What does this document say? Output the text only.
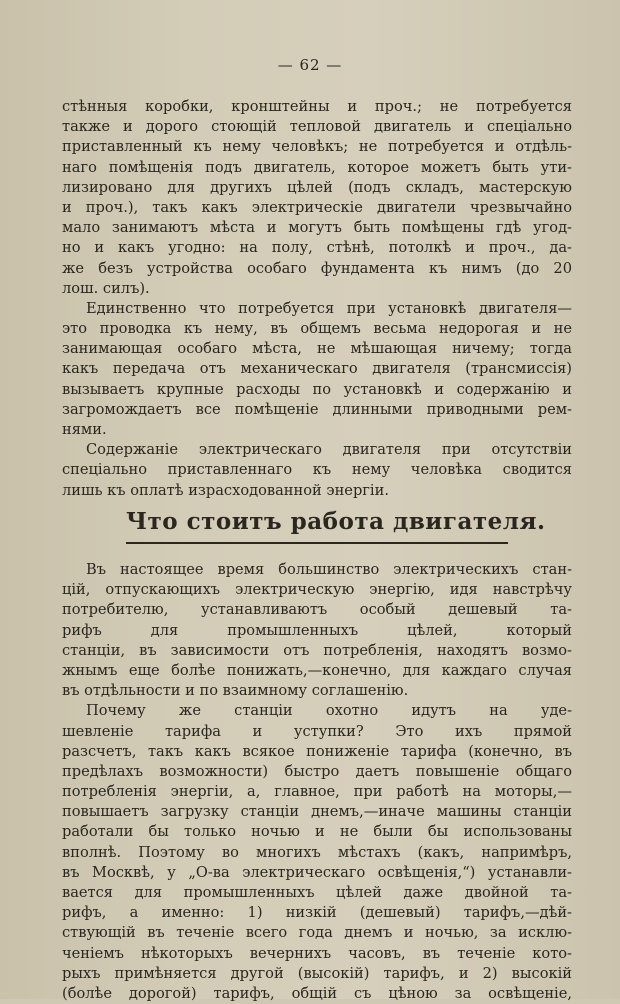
— 62 —
стѣнныя коробки, кронштейны и проч.; не потребуется
также и дорого стоющій тепловой двигатель и спеціально
приставленный къ нему человѣкъ; не потребуется и отдѣль-
наго помѣщенія подъ двигатель, которое можетъ быть ути-
лизировано для другихъ цѣлей (подъ складъ, мастерскую
и проч.), такъ какъ электрическіе двигатели чрезвычайно
мало занимаютъ мѣста и могутъ быть помѣщены гдѣ угод-
но и какъ угодно: на полу, стѣнѣ, потолкѣ и проч., да-
же безъ устройства особаго фундамента къ нимъ (до 20
лош. силъ).
Единственно что потребуется при установкѣ двигателя—
это проводка къ нему, въ общемъ весьма недорогая и не
занимающая особаго мѣста, не мѣшающая ничему; тогда
какъ передача отъ механическаго двигателя (трансмиссія)
вызываетъ крупные расходы по установкѣ и содержанію и
загромождаетъ все помѣщеніе длинными приводными рем-
нями.
Содержаніе электрическаго двигателя при отсутствіи
спеціально приставленнаго къ нему человѣка сводится
лишь къ оплатѣ израсходованной энергіи.
Что стоитъ работа двигателя.
Въ настоящее время большинство электрическихъ стан-
цій, отпускающихъ электрическую энергію, идя навстрѣчу
потребителю, устанавливаютъ особый дешевый та-
рифъ для промышленныхъ цѣлей, который
станціи, въ зависимости отъ потребленія, находятъ возмо-
жнымъ еще болѣе понижать,—конечно, для каждаго случая
въ отдѣльности и по взаимному соглашенію.
Почему же станціи охотно идутъ на уде-
шевленіе тарифа и уступки? Это ихъ прямой
разсчетъ, такъ какъ всякое пониженіе тарифа (конечно, въ
предѣлахъ возможности) быстро даетъ повышеніе общаго
потребленія энергіи, а, главное, при работѣ на моторы,—
повышаетъ загрузку станціи днемъ,—иначе машины станціи
работали бы только ночью и не были бы использованы
вполнѣ. Поэтому во многихъ мѣстахъ (какъ, напримѣръ,
въ Москвѣ, у „О-ва электрическаго освѣщенія,“) устанавли-
вается для промышленныхъ цѣлей даже двойной та-
рифъ, а именно: 1) низкій (дешевый) тарифъ,—дѣй-
ствующій въ теченіе всего года днемъ и ночью, за исклю-
ченіемъ нѣкоторыхъ вечернихъ часовъ, въ теченіе кото-
рыхъ примѣняется другой (высокій) тарифъ, и 2) высокій
(болѣе дорогой) тарифъ, общій съ цѣною за освѣщеніе,
